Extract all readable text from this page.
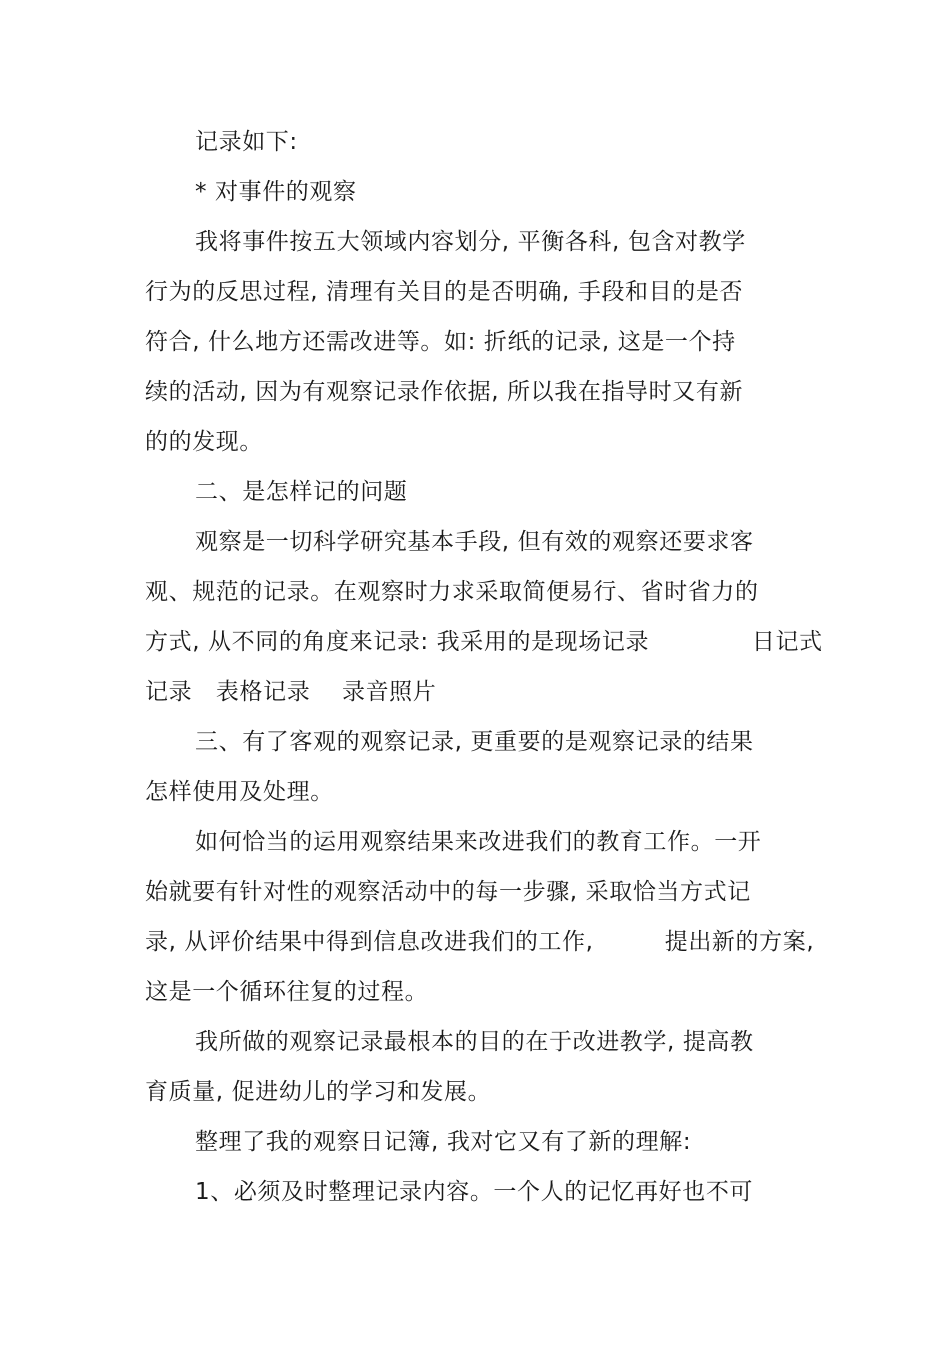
记录如下:
* 对事件的观察
我将事件按五大领域内容划分, 平衡各科, 包含对教学
行为的反思过程, 清理有关目的是否明确, 手段和目的是否
符合, 什么地方还需改进等。如: 折纸的记录, 这是一个持
续的活动, 因为有观察记录作依据, 所以我在指导时又有新
的的发现。
二、是怎样记的问题
观察是一切科学研究基本手段, 但有效的观察还要求客
观、规范的记录。在观察时力求采取简便易行、省时省力的
方式, 从不同的角度来记录: 我采用的是现场记录             日记式
记录   表格记录    录音照片
三、有了客观的观察记录, 更重要的是观察记录的结果
怎样使用及处理。
如何恰当的运用观察结果来改进我们的教育工作。一开
始就要有针对性的观察活动中的每一步骤, 采取恰当方式记
录, 从评价结果中得到信息改进我们的工作,         提出新的方案,
这是一个循环往复的过程。
我所做的观察记录最根本的目的在于改进教学, 提高教
育质量, 促进幼儿的学习和发展。
整理了我的观察日记簿, 我对它又有了新的理解:
1、必须及时整理记录内容。一个人的记忆再好也不可
